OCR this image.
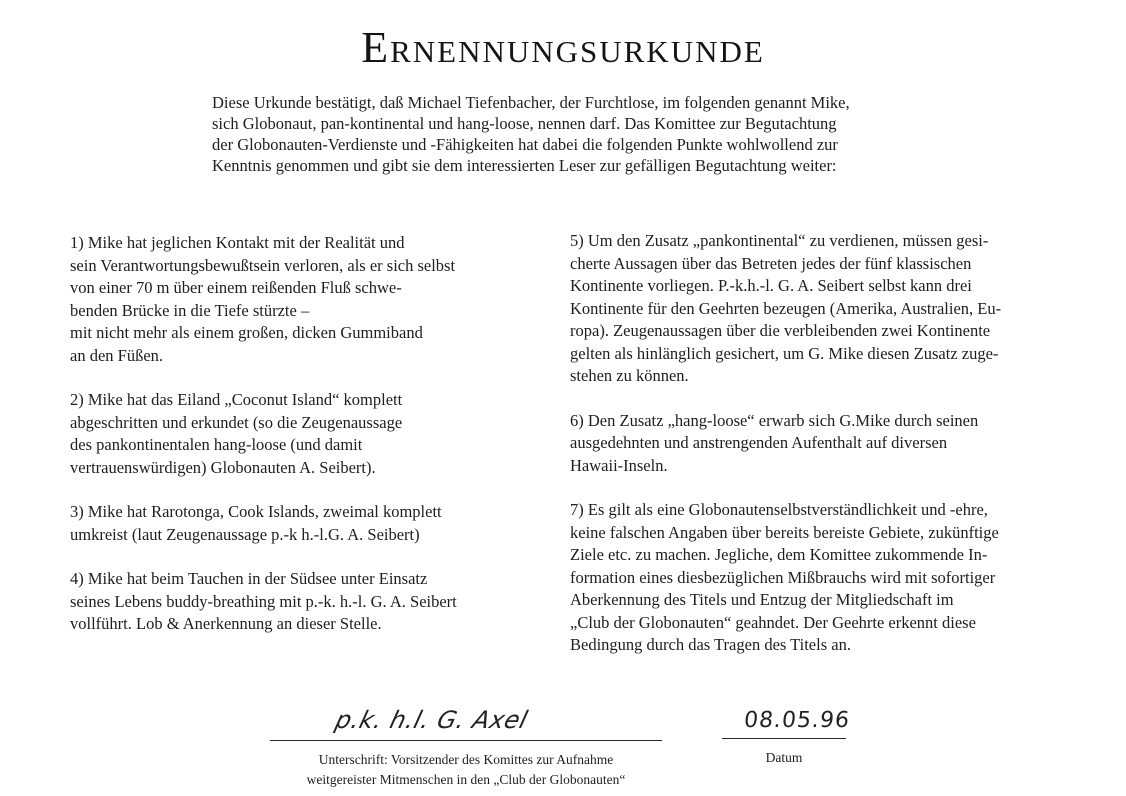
Ernennungsurkunde

Diese Urkunde bestätigt, daß Michael Tiefenbacher, der Furchtlose, im folgenden genannt Mike,
sich Globonaut, pan-kontinental und hang-loose, nennen darf. Das Komittee zur Begutachtung
der Globonauten-Verdienste und -Fähigkeiten hat dabei die folgenden Punkte wohlwollend zur
Kenntnis genommen und gibt sie dem interessierten Leser zur gefälligen Begutachtung weiter:

1) Mike hat jeglichen Kontakt mit der Realität und
sein Verantwortungsbewußtsein verloren, als er sich selbst
von einer 70 m über einem reißenden Fluß schwe-
benden Brücke in die Tiefe stürzte –
mit nicht mehr als einem großen, dicken Gummiband
an den Füßen.
2) Mike hat das Eiland „Coconut Island“ komplett
abgeschritten und erkundet (so die Zeugenaussage
des pankontinentalen hang-loose (und damit
vertrauenswürdigen) Globonauten A. Seibert).
3) Mike hat Rarotonga, Cook Islands, zweimal komplett
umkreist (laut Zeugenaussage p.-k h.-l.G. A. Seibert)
4) Mike hat beim Tauchen in der Südsee unter Einsatz
seines Lebens buddy-breathing mit p.-k. h.-l. G. A. Seibert
vollführt. Lob & Anerkennung an dieser Stelle.
5) Um den Zusatz „pankontinental“ zu verdienen, müssen gesi-
cherte Aussagen über das Betreten jedes der fünf klassischen
Kontinente vorliegen. P.-k.h.-l. G. A. Seibert selbst kann drei
Kontinente für den Geehrten bezeugen (Amerika, Australien, Eu-
ropa). Zeugenaussagen über die verbleibenden zwei Kontinente
gelten als hinlänglich gesichert, um G. Mike diesen Zusatz zuge-
stehen zu können.
6) Den Zusatz „hang-loose“ erwarb sich G.Mike durch seinen
ausgedehnten und anstrengenden Aufenthalt auf diversen
Hawaii-Inseln.
7) Es gilt als eine Globonautenselbstverständlichkeit und -ehre,
keine falschen Angaben über bereits bereiste Gebiete, zukünftige
Ziele etc. zu machen. Jegliche, dem Komittee zukommende In-
formation eines diesbezüglichen Mißbrauchs wird mit sofortiger
Aberkennung des Titels und Entzug der Mitgliedschaft im
„Club der Globonauten“ geahndet. Der Geehrte erkennt diese
Bedingung durch das Tragen des Titels an.
p.k. h.l. G. Axel
Unterschrift: Vorsitzender des Komittes zur Aufnahme
weitgereister Mitmenschen in den „Club der Globonauten“
08.05.96
Datum
